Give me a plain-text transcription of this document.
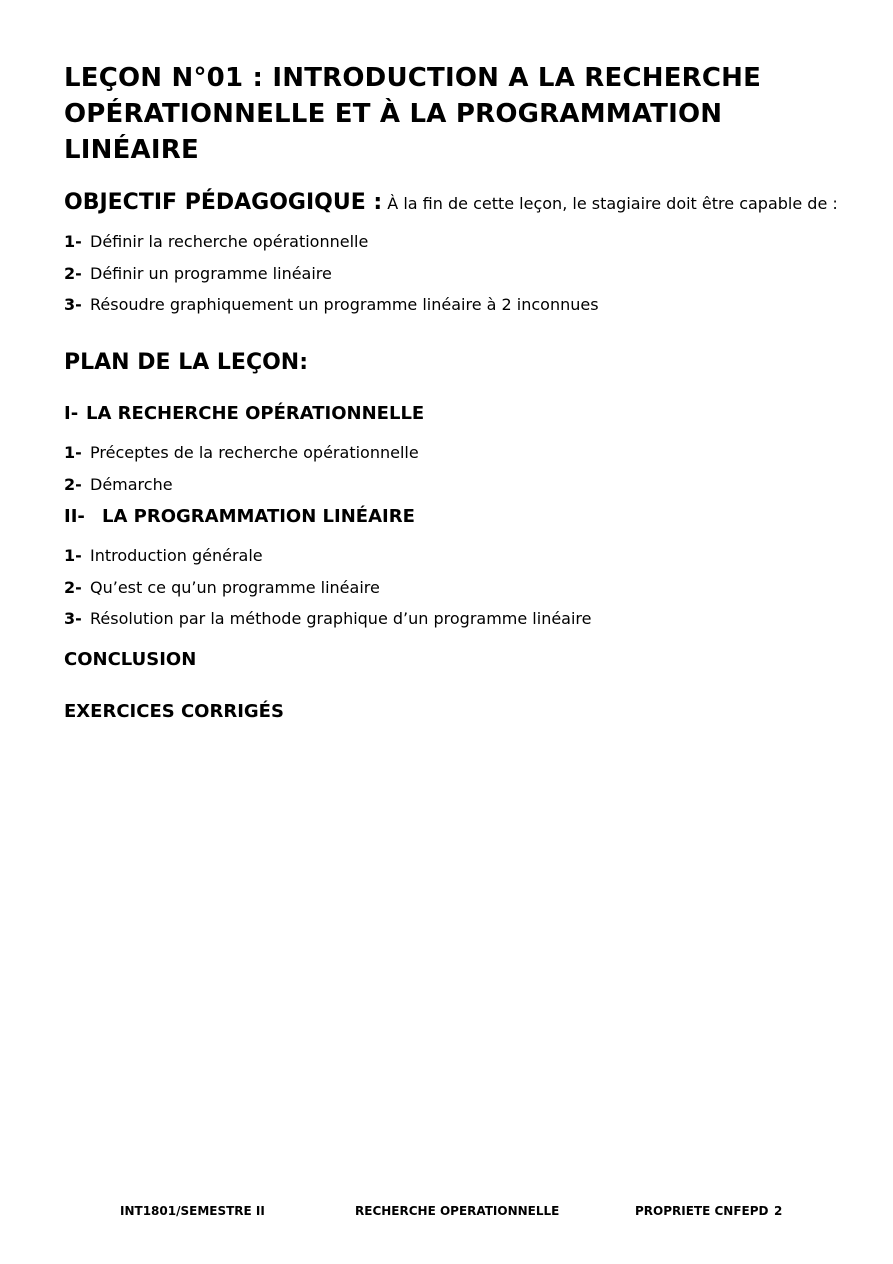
LEÇON N°01 : INTRODUCTION A LA RECHERCHE
OPÉRATIONNELLE ET À LA PROGRAMMATION LINÉAIRE
OBJECTIF PÉDAGOGIQUE : À la fin de cette leçon, le stagiaire doit être capable de :
1- Définir la recherche opérationnelle
2- Définir un programme linéaire
3- Résoudre graphiquement un programme linéaire à 2 inconnues
PLAN DE LA LEÇON:
I- LA RECHERCHE OPÉRATIONNELLE
1- Préceptes de la recherche opérationnelle
2- Démarche
II- LA PROGRAMMATION LINÉAIRE
1- Introduction générale
2- Qu’est ce qu’un programme linéaire
3- Résolution par la méthode graphique d’un programme linéaire
CONCLUSION
EXERCICES CORRIGÉS
INT1801/SEMESTRE II	RECHERCHE OPERATIONNELLE	PROPRIETE CNFEPD 2
